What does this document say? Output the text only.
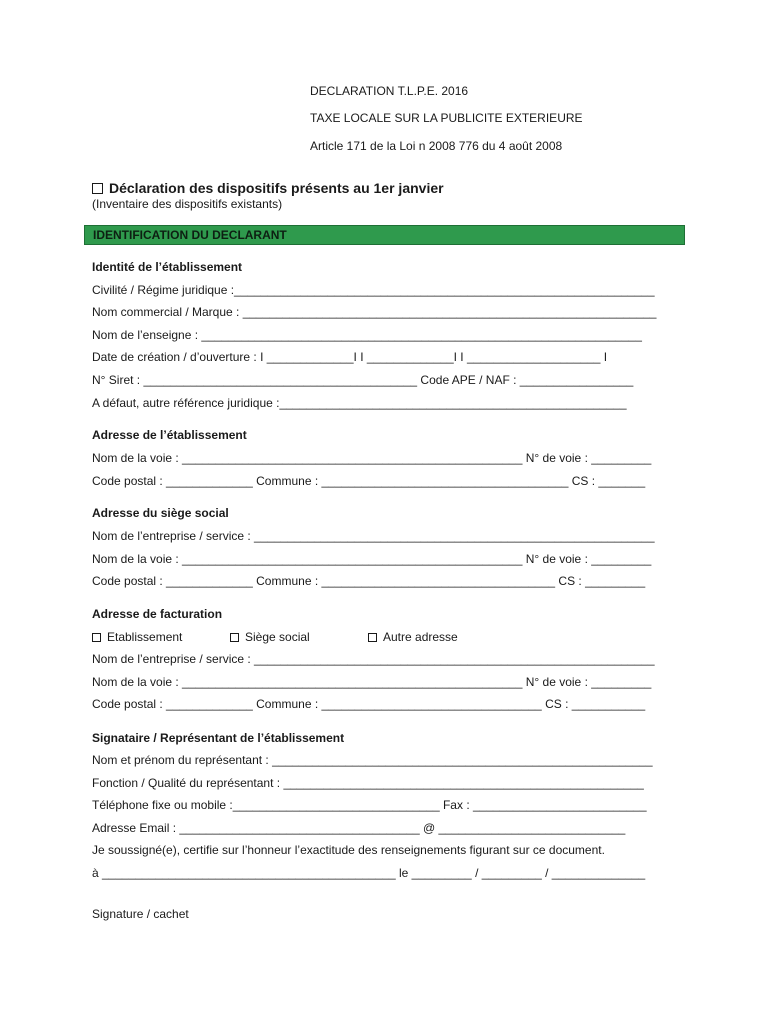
DECLARATION T.L.P.E. 2016
TAXE LOCALE SUR LA PUBLICITE EXTERIEURE
Article 171 de la Loi n 2008 776 du 4 août 2008
Déclaration des dispositifs présents au 1er janvier
(Inventaire des dispositifs existants)
IDENTIFICATION DU DECLARANT
Identité de l’établissement
Civilité / Régime juridique :_______________________________________________________________
Nom commercial / Marque : ______________________________________________________________
Nom de l’enseigne : __________________________________________________________________
Date de création / d’ouverture : I _____________I I _____________I I ____________________ I
N° Siret : _________________________________________ Code APE / NAF : _________________
A défaut, autre référence juridique :____________________________________________________
Adresse de l’établissement
Nom de la voie : ___________________________________________________ N° de voie : _________
Code postal : _____________ Commune : _____________________________________ CS : _______
Adresse du siège social
Nom de l’entreprise / service : ____________________________________________________________
Nom de la voie : ___________________________________________________ N° de voie : _________
Code postal : _____________ Commune : ___________________________________ CS : _________
Adresse de facturation
Etablissement	Siège social	Autre adresse
Nom de l’entreprise / service : ____________________________________________________________
Nom de la voie : ___________________________________________________ N° de voie : _________
Code postal : _____________ Commune : _________________________________ CS : ___________
Signataire / Représentant de l’établissement
Nom et prénom du représentant : _________________________________________________________
Fonction / Qualité du représentant : ______________________________________________________
Téléphone fixe ou mobile :_______________________________ Fax : __________________________
Adresse Email : ____________________________________ @ ____________________________
Je soussigné(e), certifie sur l’honneur l’exactitude des renseignements figurant sur ce document.
à ____________________________________________ le _________ / _________ / ______________
Signature / cachet
